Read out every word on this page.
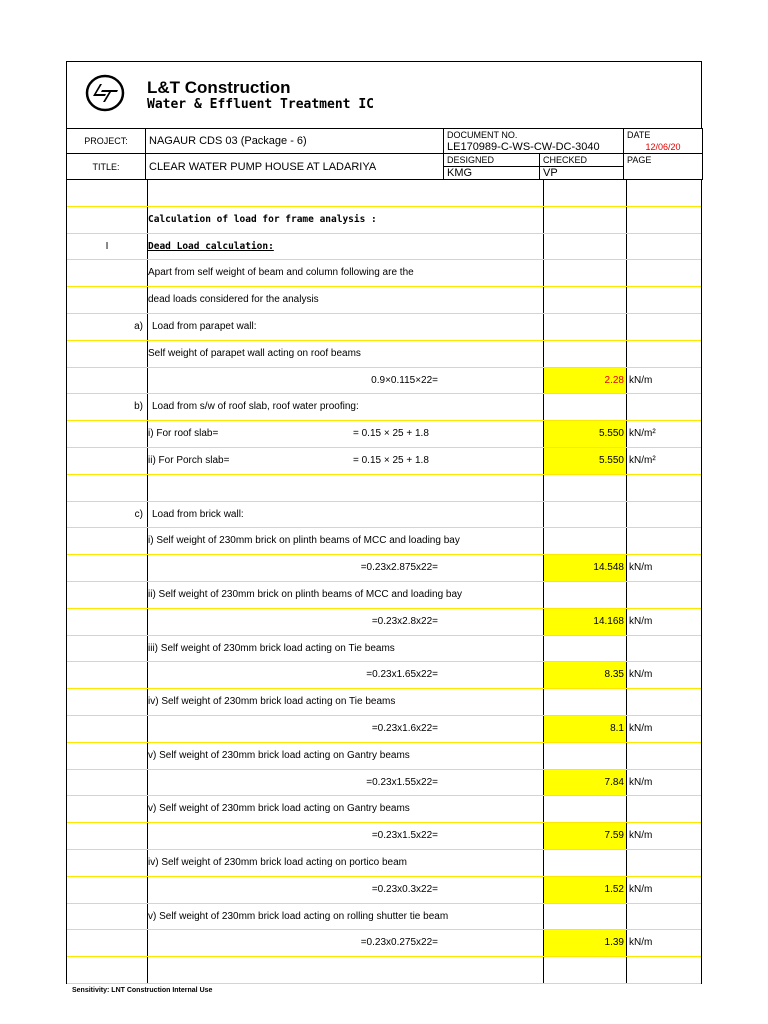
L&T Construction
Water & Effluent Treatment IC
PROJECT:	NAGAUR CDS 03 (Package - 6)	DOCUMENT NO.		DATE
		LE170989-C-WS-CW-DC-3040		12/06/20
TITLE:	CLEAR WATER PUMP HOUSE AT LADARIYA	DESIGNED	CHECKED	PAGE
		KMG	VP	
Calculation of load for frame analysis :
I	Dead Load calculation:
Apart from self weight of beam and column following are the
dead loads considered for the analysis
a) Load from parapet wall:
Self weight of parapet wall acting on roof beams
0.9×0.115×22=	2.28 kN/m
b) Load from s/w of roof slab, roof water proofing:
i) For roof slab=	= 0.15 × 25 + 1.8	5.550 kN/m²
ii) For Porch slab=	= 0.15 × 25 + 1.8	5.550 kN/m²
c) Load from brick wall:
i) Self weight of 230mm brick on plinth beams of MCC and loading bay
=0.23x2.875x22=	14.548 kN/m
ii) Self weight of 230mm brick on plinth beams of MCC and loading bay
=0.23x2.8x22=	14.168 kN/m
iii) Self weight of 230mm brick load acting on Tie beams
=0.23x1.65x22=	8.35 kN/m
iv) Self weight of 230mm brick load acting on Tie beams
=0.23x1.6x22=	8.1 kN/m
v) Self weight of 230mm brick load acting on Gantry beams
=0.23x1.55x22=	7.84 kN/m
v) Self weight of 230mm brick load acting on Gantry beams
=0.23x1.5x22=	7.59 kN/m
iv) Self weight of 230mm brick load acting on portico beam
=0.23x0.3x22=	1.52 kN/m
v) Self weight of 230mm brick load acting on rolling shutter tie beam
=0.23x0.275x22=	1.39 kN/m
Sensitivity: LNT Construction Internal Use
